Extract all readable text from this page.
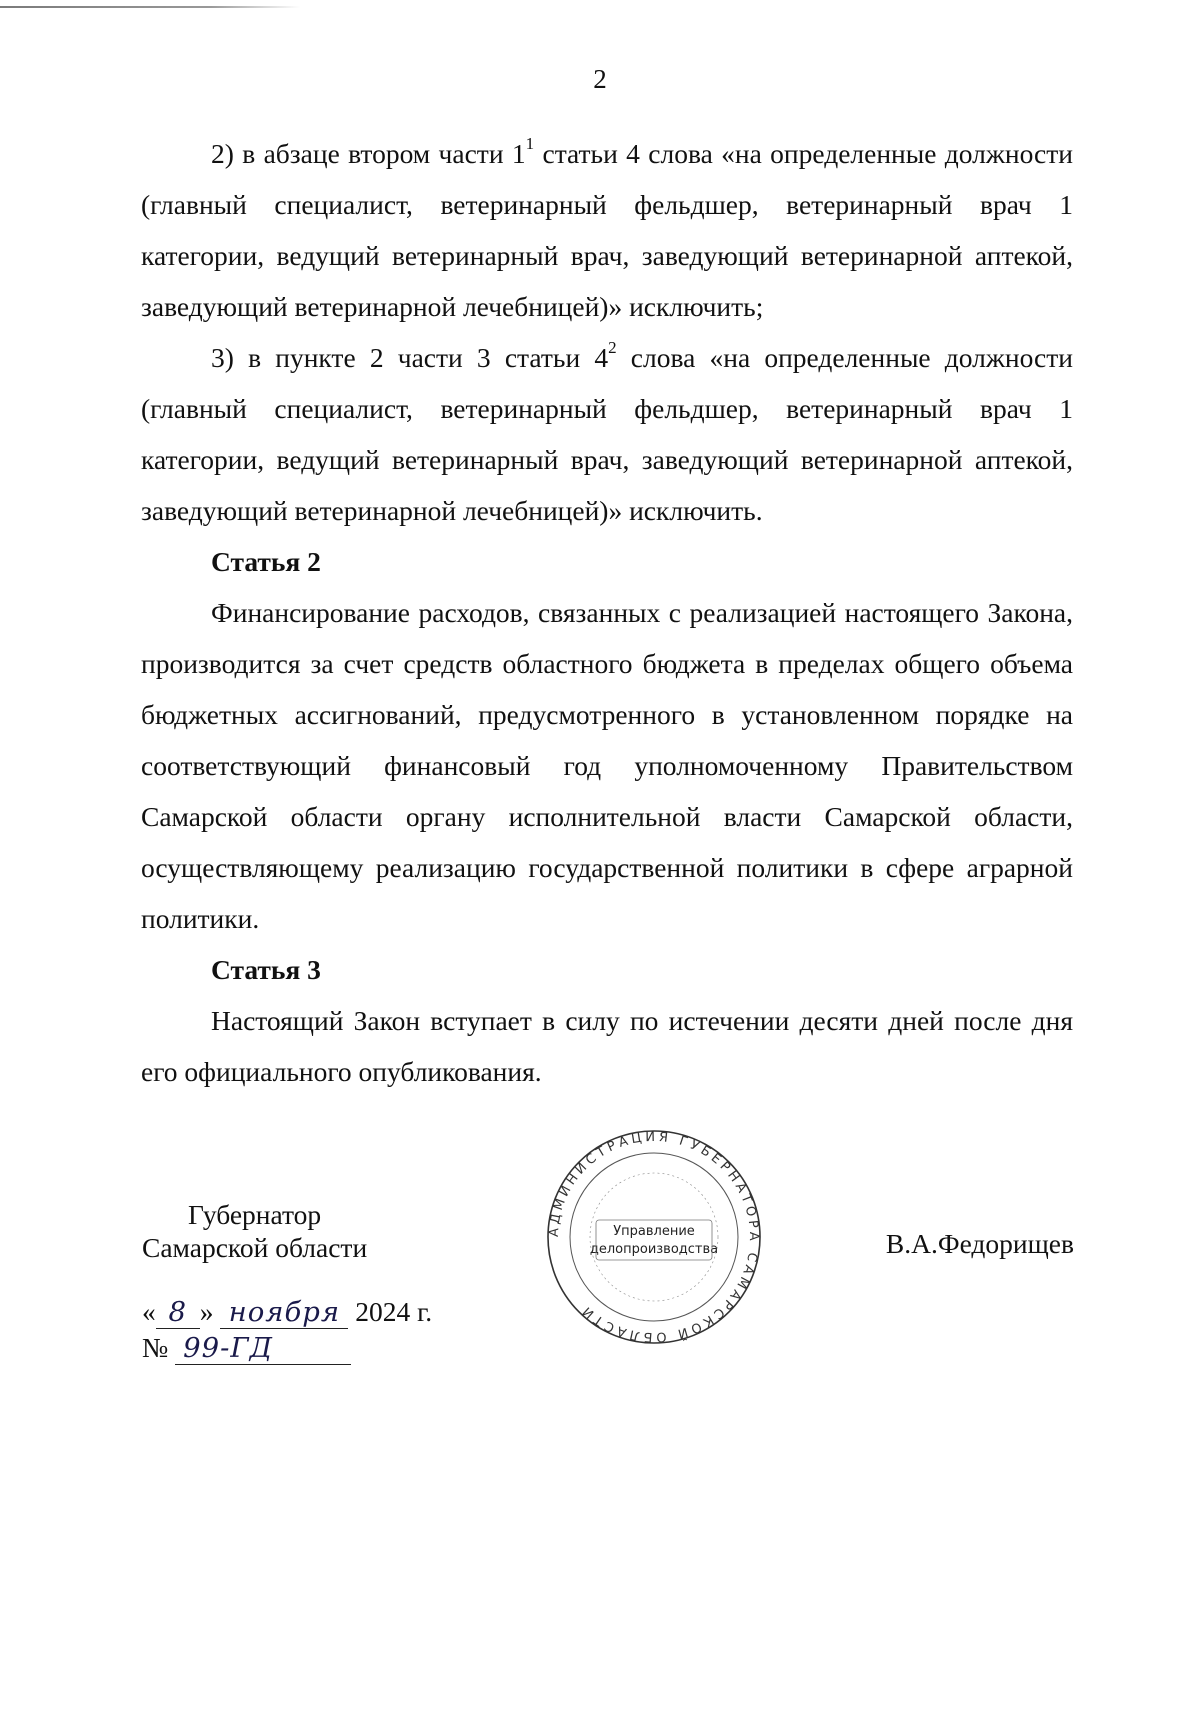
2

2) в абзаце втором части $1^1$ статьи 4 слова «на определенные должности (главный специалист, ветеринарный фельдшер, ветеринарный врач 1 категории, ведущий ветеринарный врач, заведующий ветеринарной аптекой, заведующий ветеринарной лечебницей)» исключить;

3) в пункте 2 части 3 статьи $4^2$ слова «на определенные должности (главный специалист, ветеринарный фельдшер, ветеринарный врач 1 категории, ведущий ветеринарный врач, заведующий ветеринарной аптекой, заведующий ветеринарной лечебницей)» исключить.

Статья 2

Финансирование расходов, связанных с реализацией настоящего Закона, производится за счет средств областного бюджета в пределах общего объема бюджетных ассигнований, предусмотренного в установленном порядке на соответствующий финансовый год уполномоченному Правительством Самарской области органу исполнительной власти Самарской области, осуществляющему реализацию государственной политики в сфере аграрной политики.

Статья 3

Настоящий Закон вступает в силу по истечении десяти дней после дня его официального опубликования.

Губернатор
Самарской области	В.А.Федорищев
« 8 » ноября 2024 г.
№ 99-ГД
АДМИНИСТРАЦИЯ ГУБЕРНАТОРА САМАРСКОЙ ОБЛАСТИ
Управление
делопроизводства
